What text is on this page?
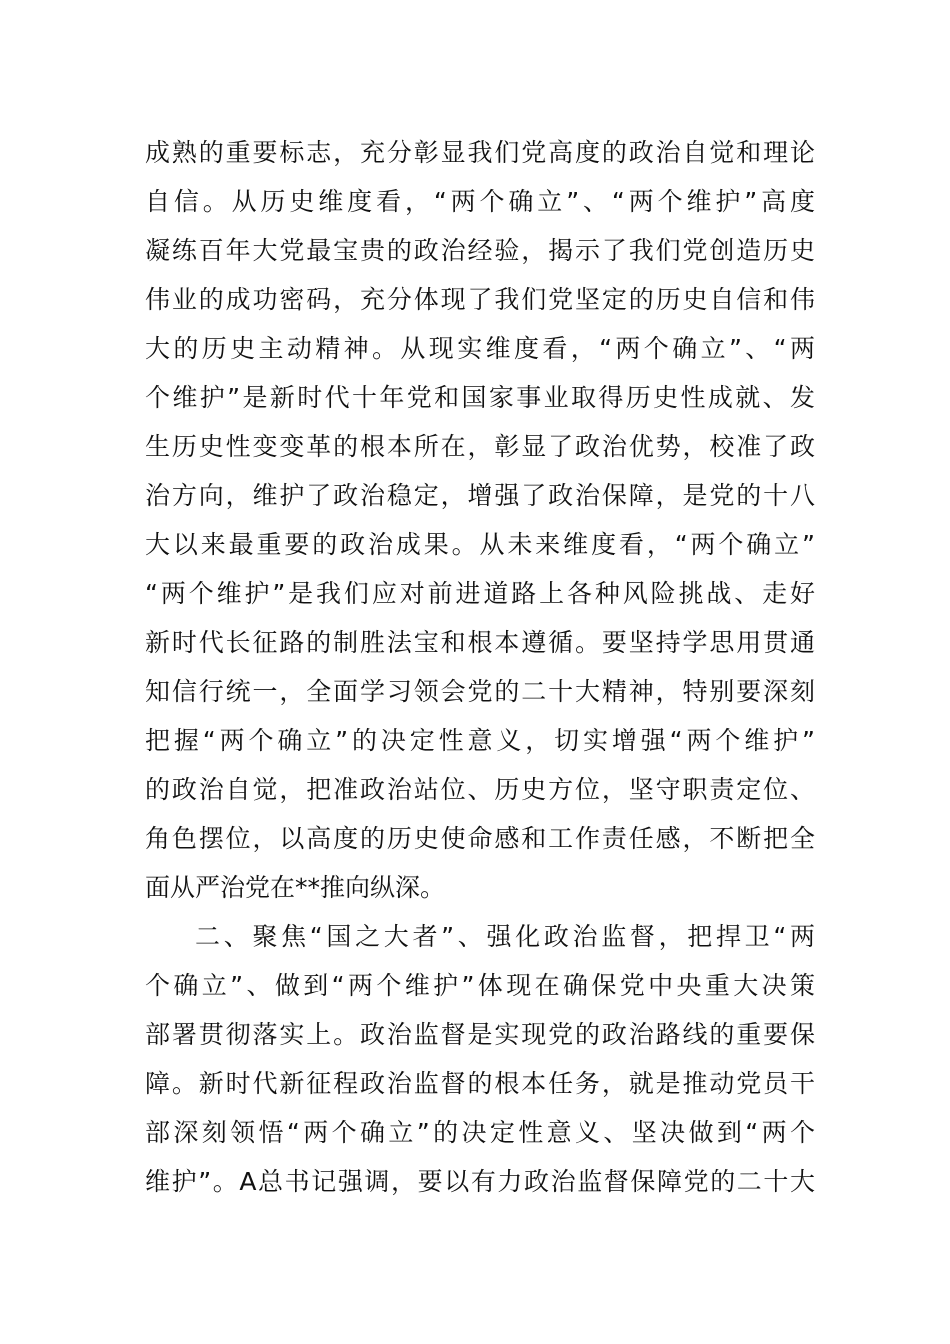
成熟的重要标志，充分彰显我们党高度的政治自觉和理论
自信。从历史维度看，“两个确立”、“两个维护”高度
凝练百年大党最宝贵的政治经验，揭示了我们党创造历史
伟业的成功密码，充分体现了我们党坚定的历史自信和伟
大的历史主动精神。从现实维度看，“两个确立”、“两
个维护”是新时代十年党和国家事业取得历史性成就、发
生历史性变变革的根本所在，彰显了政治优势，校准了政
治方向，维护了政治稳定，增强了政治保障，是党的十八
大以来最重要的政治成果。从未来维度看，“两个确立”
“两个维护”是我们应对前进道路上各种风险挑战、走好
新时代长征路的制胜法宝和根本遵循。要坚持学思用贯通
知信行统一，全面学习领会党的二十大精神，特别要深刻
把握“两个确立”的决定性意义，切实增强“两个维护”
的政治自觉，把准政治站位、历史方位，坚守职责定位、
角色摆位，以高度的历史使命感和工作责任感，不断把全
面从严治党在**推向纵深。
二、聚焦“国之大者”、强化政治监督，把捍卫“两
个确立”、做到“两个维护”体现在确保党中央重大决策
部署贯彻落实上。政治监督是实现党的政治路线的重要保
障。新时代新征程政治监督的根本任务，就是推动党员干
部深刻领悟“两个确立”的决定性意义、坚决做到“两个
维护”。A总书记强调，要以有力政治监督保障党的二十大
